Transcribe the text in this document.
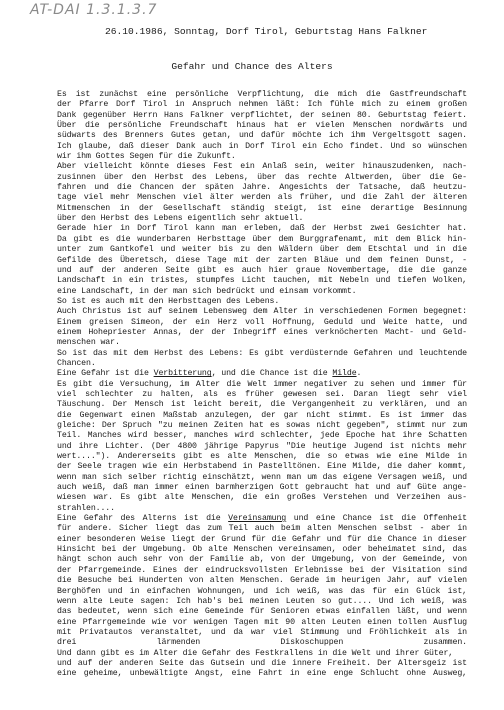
AT-DAI 1.3.1.3.7
26.10.1986, Sonntag, Dorf Tirol, Geburtstag Hans Falkner
Gefahr und Chance des Alters
Es ist zunächst eine persönliche Verpflichtung, die mich die Gastfreundschaft
der Pfarre Dorf Tirol in Anspruch nehmen läßt: Ich fühle mich zu einem großen
Dank gegenüber Herrn Hans Falkner verpflichtet, der seinen 80. Geburtstag feiert.
Über die persönliche Freundschaft hinaus hat er vielen Menschen nordwärts und
südwarts des Brenners Gutes getan, und dafür möchte ich ihm Vergeltsgott sagen.
Ich glaube, daß dieser Dank auch in Dorf Tirol ein Echo findet. Und so wünschen
wir ihm Gottes Segen für die Zukunft.
Aber vielleicht könnte dieses Fest ein Anlaß sein, weiter hinauszudenken, nach-
zusinnen über den Herbst des Lebens, über das rechte Altwerden, über die Ge-
fahren und die Chancen der späten Jahre. Angesichts der Tatsache, daß heutzu-
tage viel mehr Menschen viel älter werden als früher, und die Zahl der älteren
Mitmenschen in der Gesellschaft ständig steigt, ist eine derartige Besinnung
über den Herbst des Lebens eigentlich sehr aktuell.
Gerade hier in Dorf Tirol kann man erleben, daß der Herbst zwei Gesichter hat.
Da gibt es die wunderbaren Herbsttage über dem Burggrafenamt, mit dem Blick hin-
unter zum Gantkofel und weiter bis zu den Wäldern über dem Etschtal und in die
Gefilde des Überetsch, diese Tage mit der zarten Bläue und dem feinen Dunst, -
und auf der anderen Seite gibt es auch hier graue Novembertage, die die ganze
Landschaft in ein tristes, stumpfes Licht tauchen, mit Nebeln und tiefen Wolken,
eine Landschaft, in der man sich bedrückt und einsam vorkommt.
So ist es auch mit den Herbsttagen des Lebens.
Auch Christus ist auf seinem Lebensweg dem Alter in verschiedenen Formen begegnet:
Einem greisen Simeon, der ein Herz voll Hoffnung, Geduld und Weite hatte, und
einem Hohepriester Annas, der der Inbegriff eines verknöcherten Macht- und Geld-
menschen war.
So ist das mit dem Herbst des Lebens: Es gibt verdüsternde Gefahren und leuchtende
Chancen.
Eine Gefahr ist die Verbitterung, und die Chance ist die Milde.
Es gibt die Versuchung, im Alter die Welt immer negativer zu sehen und immer für
viel schlechter zu halten, als es früher gewesen sei. Daran liegt sehr viel
Täuschung. Der Mensch ist leicht bereit, die Vergangenheit zu verklären, und an
die Gegenwart einen Maßstab anzulegen, der gar nicht stimmt. Es ist immer das
gleiche: Der Spruch "zu meinen Zeiten hat es sowas nicht gegeben", stimmt nur zum
Teil. Manches wird besser, manches wird schlechter, jede Epoche hat ihre Schatten
und ihre Lichter. (Der 4800 jährige Papyrus "Die heutige Jugend ist nichts mehr
wert...."). Andererseits gibt es alte Menschen, die so etwas wie eine Milde in
der Seele tragen wie ein Herbstabend in Pastelltönen. Eine Milde, die daher kommt,
wenn man sich selber richtig einschätzt, wenn man um das eigene Versagen weiß, und
auch weiß, daß man immer einen barmherzigen Gott gebraucht hat und auf Güte ange-
wiesen war. Es gibt alte Menschen, die ein großes Verstehen und Verzeihen aus-
strahlen....
Eine Gefahr des Alterns ist die Vereinsamung und eine Chance ist die Offenheit
für andere. Sicher liegt das zum Teil auch beim alten Menschen selbst - aber in
einer besonderen Weise liegt der Grund für die Gefahr und für die Chance in dieser
Hinsicht bei der Umgebung. Ob alte Menschen vereinsamen, oder beheimatet sind, das
hängt schon auch sehr von der Familie ab, von der Umgebung, von der Gemeinde, von
der Pfarrgemeinde. Eines der eindrucksvollsten Erlebnisse bei der Visitation sind
die Besuche bei Hunderten von alten Menschen. Gerade im heurigen Jahr, auf vielen
Berghöfen und in einfachen Wohnungen, und ich weiß, was das für ein Glück ist,
wenn alte Leute sagen: Ich hab's bei meinen Leuten so gut.... Und ich weiß, was
das bedeutet, wenn sich eine Gemeinde für Senioren etwas einfallen läßt, und wenn
eine Pfarrgemeinde wie vor wenigen Tagen mit 90 alten Leuten einen tollen Ausflug
mit Privatautos veranstaltet, und da war viel Stimmung und Fröhlichkeit als in
drei lärmenden Diskoschuppen zusammen.
Und dann gibt es im Alter die Gefahr des Festkrallens in die Welt und ihrer Güter,
und auf der anderen Seite das Gutsein und die innere Freiheit. Der Altersgeiz ist
eine geheime, unbewältigte Angst, eine Fahrt in eine enge Schlucht ohne Ausweg,
